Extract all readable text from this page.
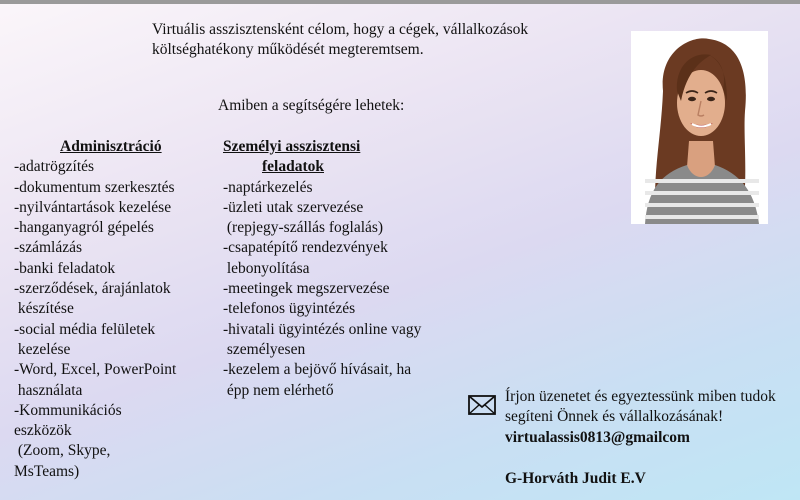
Virtuális asszisztensként célom, hogy a cégek, vállalkozások
költséghatékony működését megteremtsem.

Amiben a segítségére lehetek:

Adminisztráció

-adatrögzítés
-dokumentum szerkesztés
-nyilvántartások kezelése
-hanganyagról gépelés
-számlázás
-banki feladatok
-szerződések, árajánlatok
készítése
-social média felületek
kezelése
-Word, Excel, PowerPoint
használata
-Kommunikációs
eszközök
(Zoom, Skype,
MsTeams)

Személyi asszisztensi
feladatok

-naptárkezelés
-üzleti utak szervezése
(repjegy-szállás foglalás)
-csapatépítő rendezvények
lebonyolítása
-meetingek megszervezése
-telefonos ügyintézés
-hivatali ügyintézés online vagy
személyesen
-kezelem a bejövő hívásait, ha
épp nem elérhető	Írjon üzenetet és egyeztessünk miben tudok

segíteni Önnek és vállalkozásának!

virtualassis0813@gmailcom

G-Horváth Judit E.V
